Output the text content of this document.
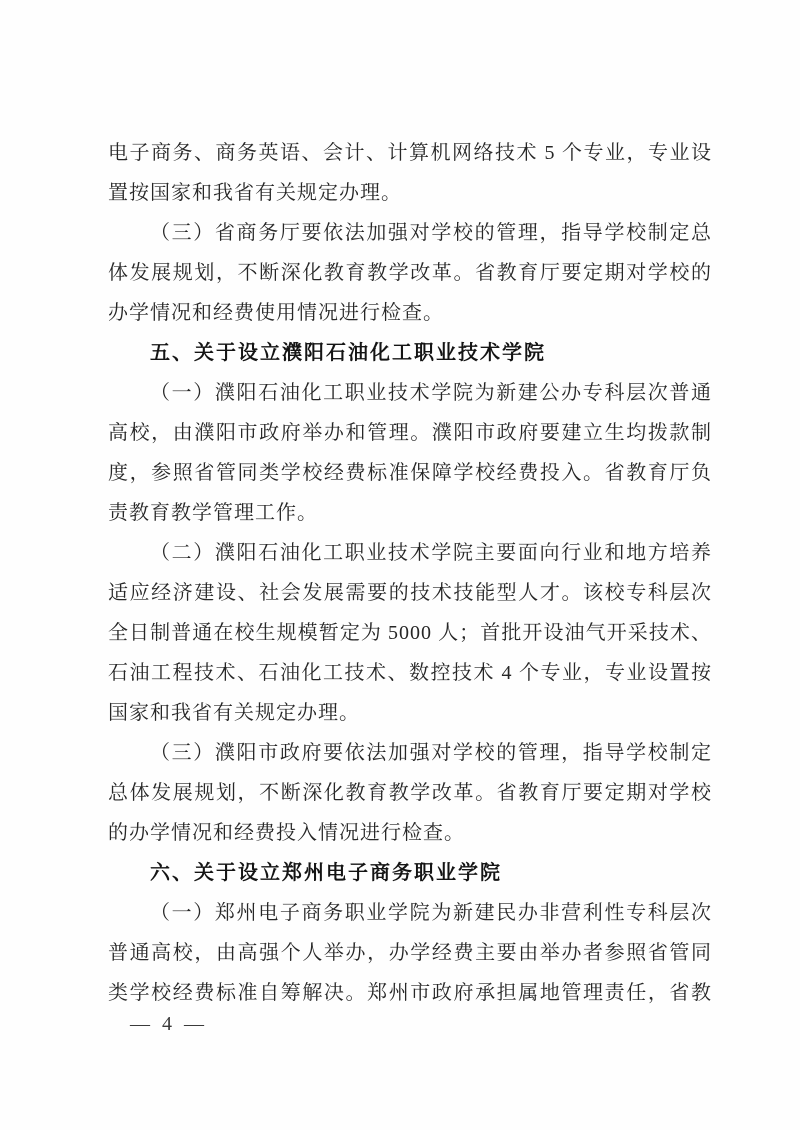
电子商务、商务英语、会计、计算机网络技术 5 个专业，专业设
置按国家和我省有关规定办理。
（三）省商务厅要依法加强对学校的管理，指导学校制定总
体发展规划，不断深化教育教学改革。省教育厅要定期对学校的
办学情况和经费使用情况进行检查。
五、关于设立濮阳石油化工职业技术学院
（一）濮阳石油化工职业技术学院为新建公办专科层次普通
高校，由濮阳市政府举办和管理。濮阳市政府要建立生均拨款制
度，参照省管同类学校经费标准保障学校经费投入。省教育厅负
责教育教学管理工作。
（二）濮阳石油化工职业技术学院主要面向行业和地方培养
适应经济建设、社会发展需要的技术技能型人才。该校专科层次
全日制普通在校生规模暂定为 5000 人；首批开设油气开采技术、
石油工程技术、石油化工技术、数控技术 4 个专业，专业设置按
国家和我省有关规定办理。
（三）濮阳市政府要依法加强对学校的管理，指导学校制定
总体发展规划，不断深化教育教学改革。省教育厅要定期对学校
的办学情况和经费投入情况进行检查。
六、关于设立郑州电子商务职业学院
（一）郑州电子商务职业学院为新建民办非营利性专科层次
普通高校，由高强个人举办，办学经费主要由举办者参照省管同
类学校经费标准自筹解决。郑州市政府承担属地管理责任，省教
— 4 —
